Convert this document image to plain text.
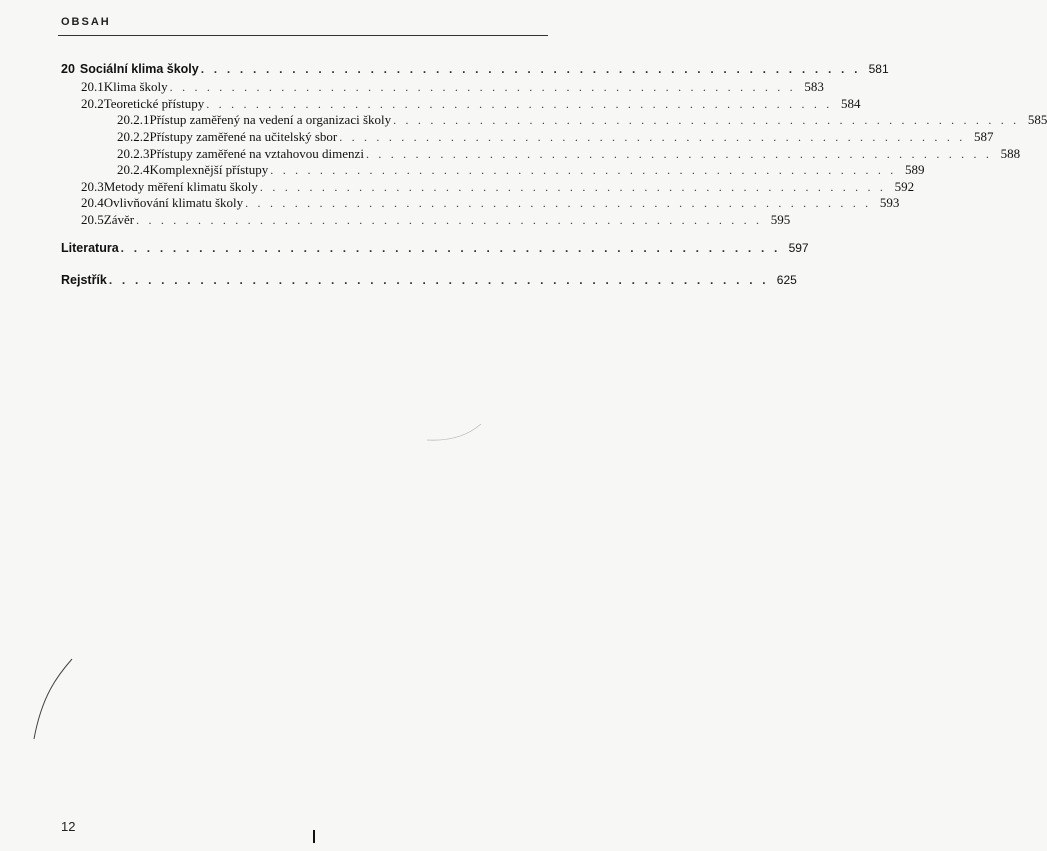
OBSAH
20 Sociální klima školy . . . . . . . . . . . . . . . . . . . . . . . . . . . . . . . . . . . . . . . . . . . . . . . . . . . 581
20.1 Klima školy . . . . . . . . . . . . . . . . . . . . . . . . . . . . . . . . . . . . . . . . . . . . . . . . . . . 583
20.2 Teoretické přístupy . . . . . . . . . . . . . . . . . . . . . . . . . . . . . . . . . . . . . . . . . . . . . . . . . . . 584
20.2.1 Přístup zaměřený na vedení a organizaci školy . . . . . . . . . . . . . . . . . . . . . . . . . . . . . . . . . . . . . . . . . . . . . . . . . . . 585
20.2.2 Přístupy zaměřené na učitelský sbor . . . . . . . . . . . . . . . . . . . . . . . . . . . . . . . . . . . . . . . . . . . . . . . . . . . 587
20.2.3 Přístupy zaměřené na vztahovou dimenzi . . . . . . . . . . . . . . . . . . . . . . . . . . . . . . . . . . . . . . . . . . . . . . . . . . . 588
20.2.4 Komplexnější přístupy . . . . . . . . . . . . . . . . . . . . . . . . . . . . . . . . . . . . . . . . . . . . . . . . . . . 589
20.3 Metody měření klimatu školy . . . . . . . . . . . . . . . . . . . . . . . . . . . . . . . . . . . . . . . . . . . . . . . . . . . 592
20.4 Ovlivňování klimatu školy . . . . . . . . . . . . . . . . . . . . . . . . . . . . . . . . . . . . . . . . . . . . . . . . . . . 593
20.5 Závěr . . . . . . . . . . . . . . . . . . . . . . . . . . . . . . . . . . . . . . . . . . . . . . . . . . . 595
Literatura . . . . . . . . . . . . . . . . . . . . . . . . . . . . . . . . . . . . . . . . . . . . . . . . . . . 597
Rejstřík . . . . . . . . . . . . . . . . . . . . . . . . . . . . . . . . . . . . . . . . . . . . . . . . . . . 625
12
